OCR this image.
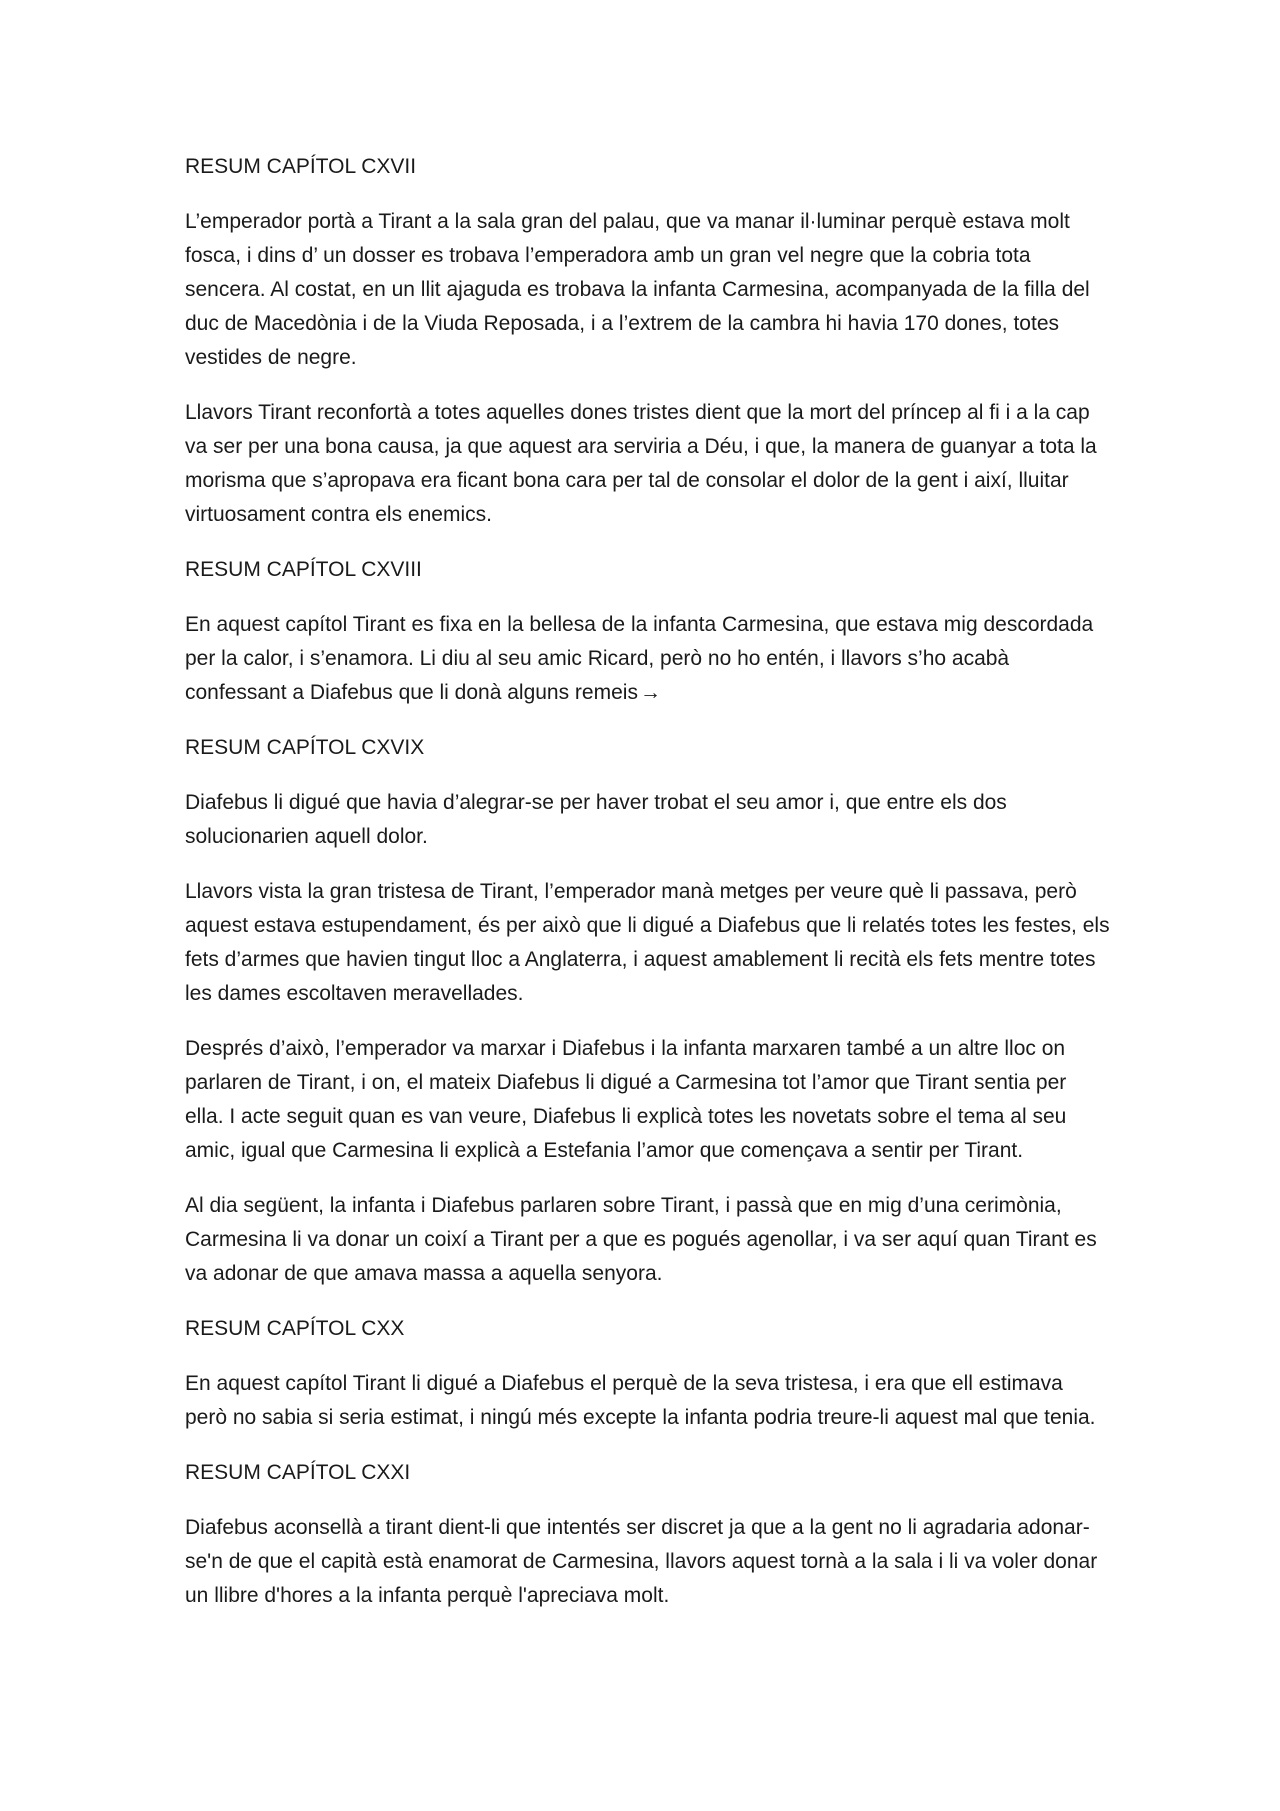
RESUM CAPÍTOL CXVII

L’emperador portà a Tirant a la sala gran del palau, que va manar il·luminar perquè estava molt fosca, i dins d’ un dosser es trobava l’emperadora amb un gran vel negre que la cobria tota sencera. Al costat, en un llit ajaguda es trobava la infanta Carmesina, acompanyada de la filla del duc de Macedònia i de la Viuda Reposada, i a l’extrem de la cambra hi havia 170 dones, totes vestides de negre.

Llavors Tirant reconfortà a totes aquelles dones tristes dient que la mort del príncep al fi i a la cap va ser per una bona causa, ja que aquest ara serviria a Déu, i que, la manera de guanyar a tota la morisma que s’apropava era ficant bona cara per tal de consolar el dolor de la gent i així, lluitar virtuosament contra els enemics.

RESUM CAPÍTOL CXVIII

En aquest capítol Tirant es fixa en la bellesa de la infanta Carmesina, que estava mig descordada per la calor, i s’enamora. Li diu al seu amic Ricard, però no ho entén, i llavors s’ho acabà confessant a Diafebus que li donà alguns remeis→

RESUM CAPÍTOL CXVIX

Diafebus li digué que havia d’alegrar-se per haver trobat el seu amor i, que entre els dos solucionarien aquell dolor.

Llavors vista la gran tristesa de Tirant, l’emperador manà metges per veure què li passava, però aquest estava estupendament, és per això que li digué a Diafebus que li relatés totes les festes, els fets d’armes que havien tingut lloc a Anglaterra, i aquest amablement li recità els fets mentre totes les dames escoltaven meravellades.

Després d’això, l’emperador va marxar i Diafebus i la infanta marxaren també a un altre lloc on parlaren de Tirant, i on, el mateix Diafebus li digué a Carmesina tot l’amor que Tirant sentia per ella. I acte seguit quan es van veure, Diafebus li explicà totes les novetats sobre el tema al seu amic, igual que Carmesina li explicà a Estefania l’amor que començava a sentir per Tirant.

Al dia següent, la infanta i Diafebus parlaren sobre Tirant, i passà que en mig d’una cerimònia, Carmesina li va donar un coixí a Tirant per a que es pogués agenollar, i va ser aquí quan Tirant es va adonar de que amava massa a aquella senyora.

RESUM CAPÍTOL CXX

En aquest capítol Tirant li digué a Diafebus el perquè de la seva tristesa, i era que ell estimava però no sabia si seria estimat, i ningú més excepte la infanta podria treure-li aquest mal que tenia.

RESUM CAPÍTOL CXXI

Diafebus aconsellà a tirant dient-li que intentés ser discret ja que a la gent no li agradaria adonar-se'n de que el capità està enamorat de Carmesina, llavors aquest tornà a la sala i li va voler donar un llibre d'hores a la infanta perquè l'apreciava molt.
